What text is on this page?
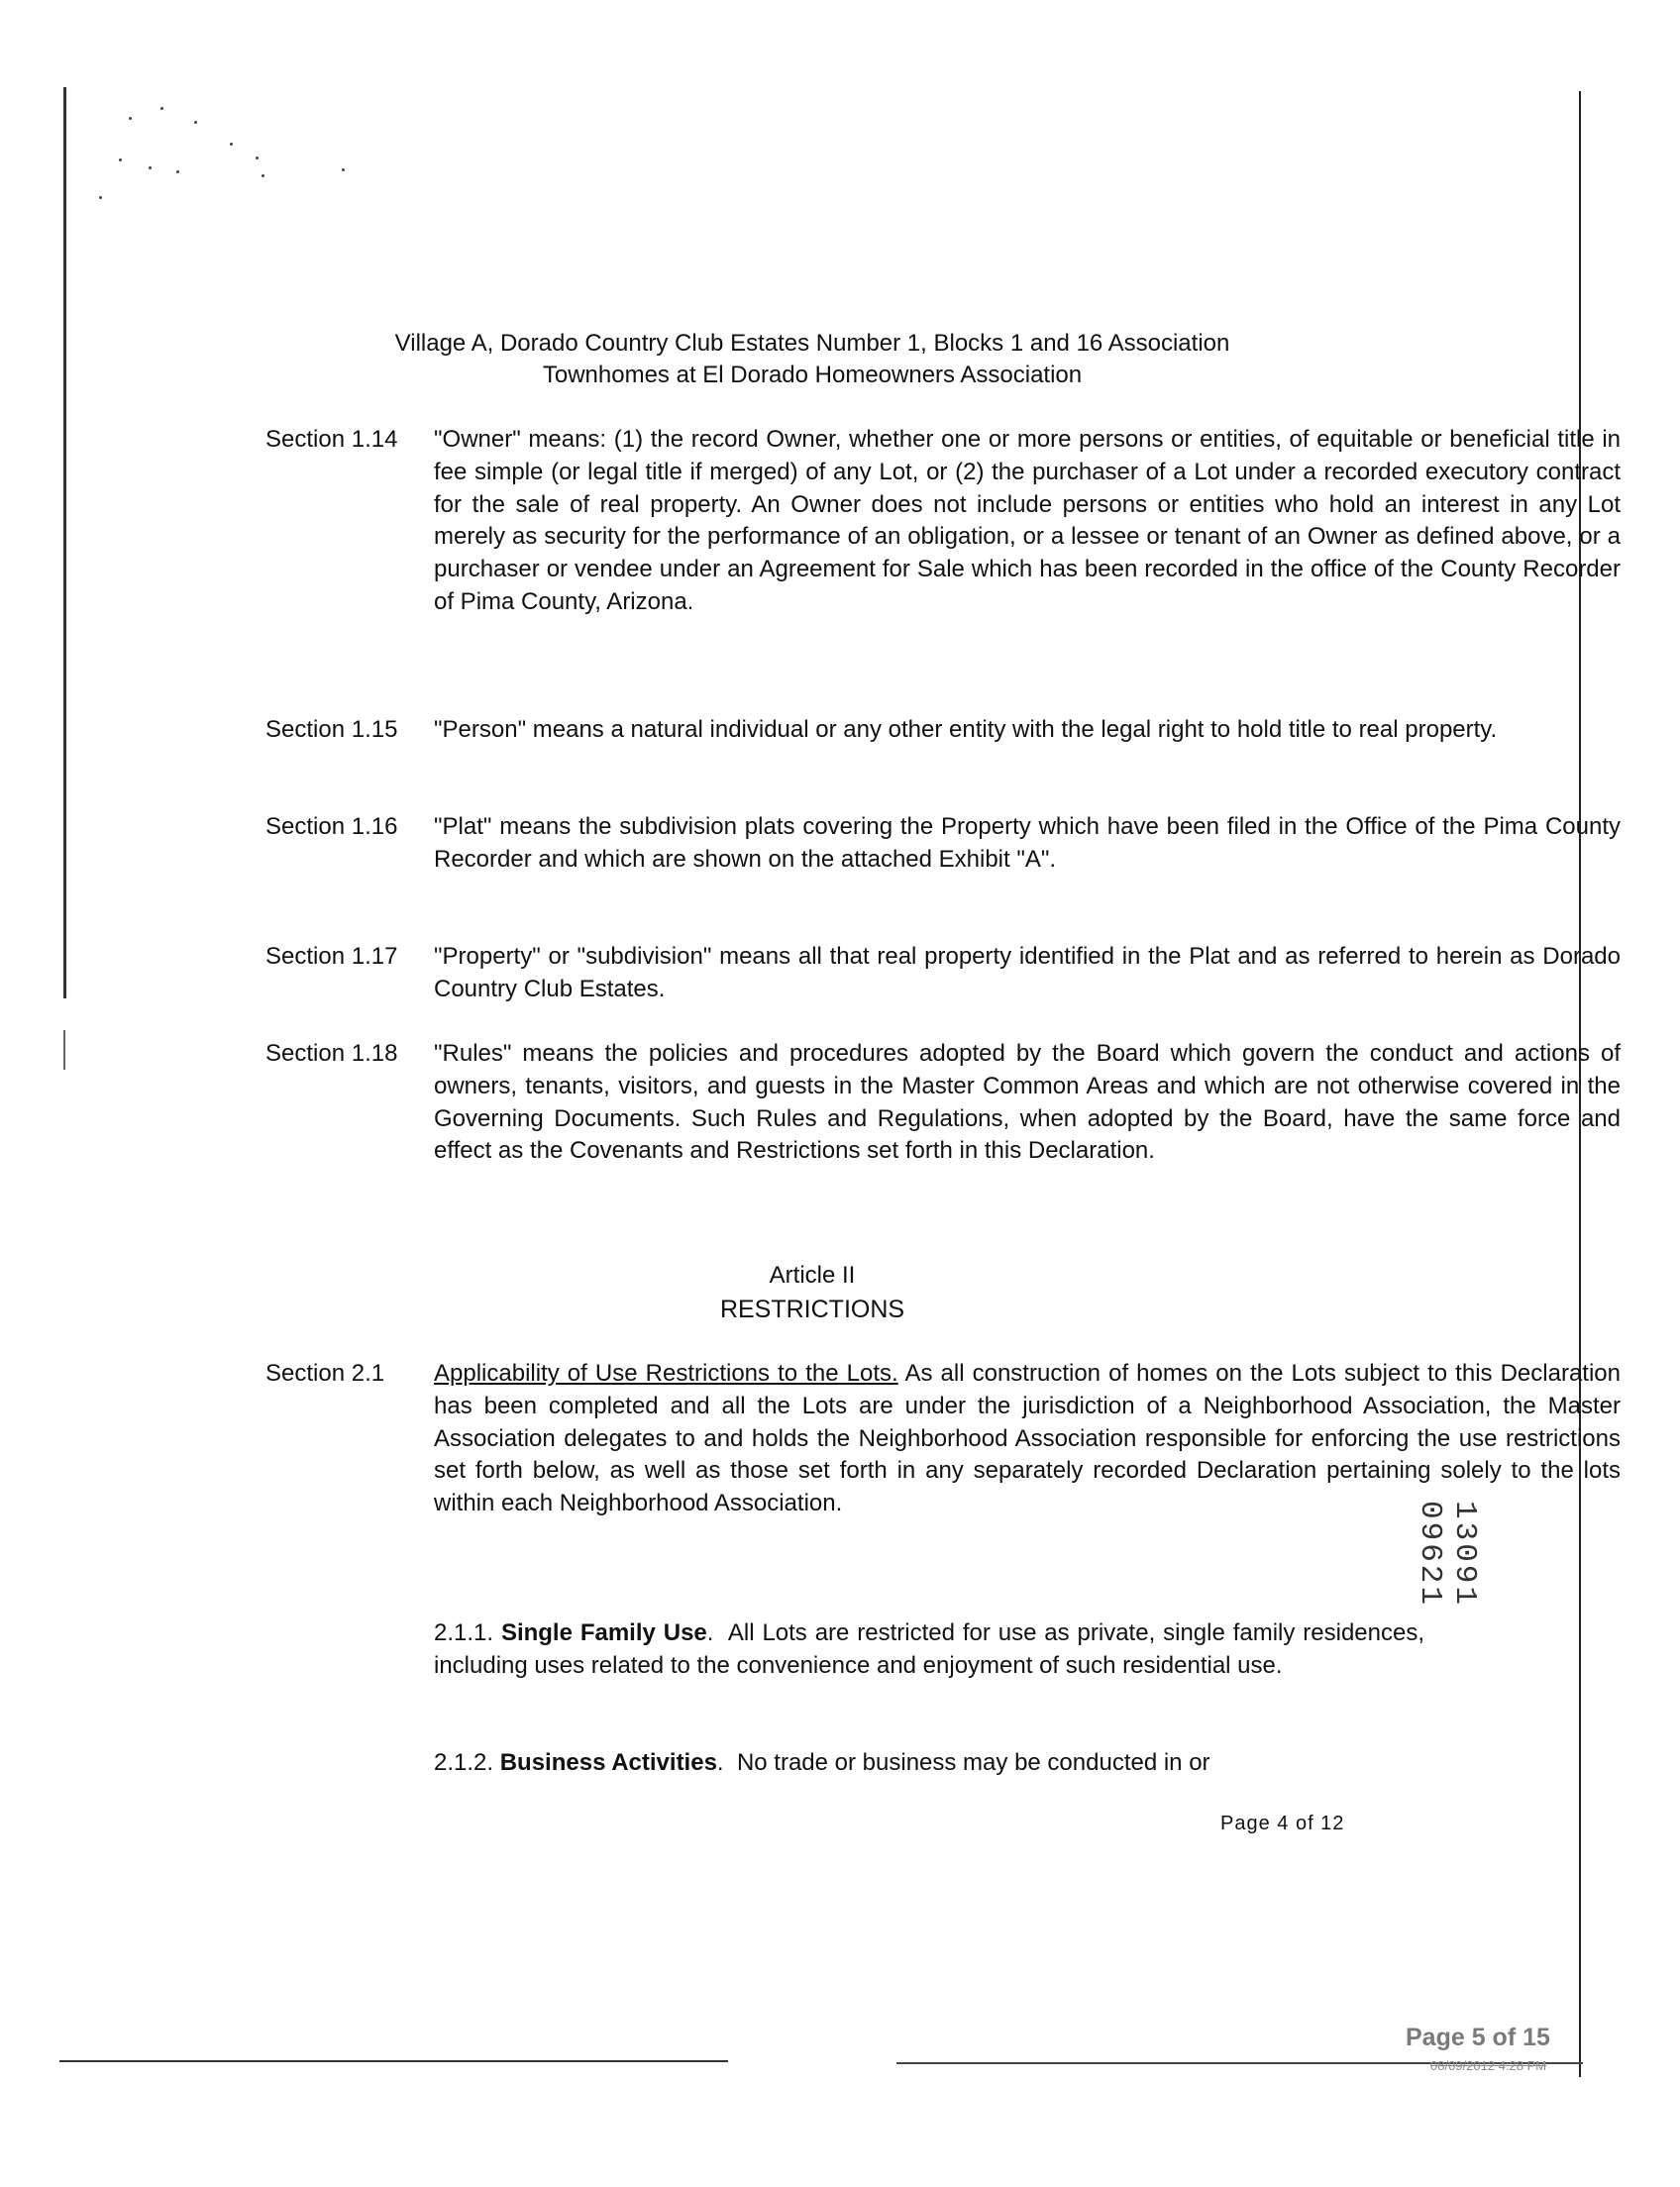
Village A, Dorado Country Club Estates Number 1, Blocks 1 and 16 Association
Townhomes at El Dorado Homeowners Association
Section 1.14	"Owner" means: (1) the record Owner, whether one or more persons or entities, of equitable or beneficial title in fee simple (or legal title if merged) of any Lot, or (2) the purchaser of a Lot under a recorded executory contract for the sale of real property. An Owner does not include persons or entities who hold an interest in any Lot merely as security for the performance of an obligation, or a lessee or tenant of an Owner as defined above, or a purchaser or vendee under an Agreement for Sale which has been recorded in the office of the County Recorder of Pima County, Arizona.
Section 1.15	"Person" means a natural individual or any other entity with the legal right to hold title to real property.
Section 1.16	"Plat" means the subdivision plats covering the Property which have been filed in the Office of the Pima County Recorder and which are shown on the attached Exhibit "A".
Section 1.17	"Property" or "subdivision" means all that real property identified in the Plat and as referred to herein as Dorado Country Club Estates.
Section 1.18	"Rules" means the policies and procedures adopted by the Board which govern the conduct and actions of owners, tenants, visitors, and guests in the Master Common Areas and which are not otherwise covered in the Governing Documents. Such Rules and Regulations, when adopted by the Board, have the same force and effect as the Covenants and Restrictions set forth in this Declaration.
Article II
RESTRICTIONS
Section 2.1	Applicability of Use Restrictions to the Lots. As all construction of homes on the Lots subject to this Declaration has been completed and all the Lots are under the jurisdiction of a Neighborhood Association, the Master Association delegates to and holds the Neighborhood Association responsible for enforcing the use restrictions set forth below, as well as those set forth in any separately recorded Declaration pertaining solely to the lots within each Neighborhood Association.
2.1.1. Single Family Use.  All Lots are restricted for use as private, single family residences, including uses related to the convenience and enjoyment of such residential use.
2.1.2. Business Activities.  No trade or business may be conducted in or
Page 4 of 12
13091 09621
Page 5 of 15
08/09/2012 4:28 PM
